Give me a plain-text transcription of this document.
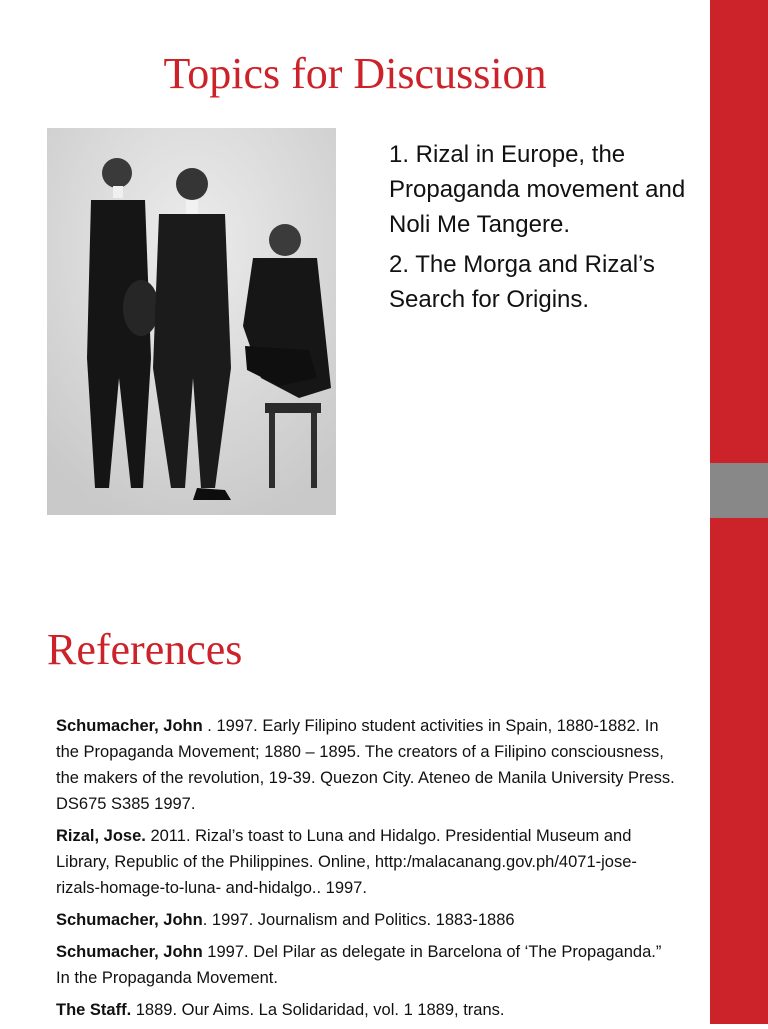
Topics for Discussion
1. Rizal in Europe, the Propaganda movement and Noli Me Tangere.
2. The Morga and Rizal’s Search for Origins.
References
Schumacher, John . 1997. Early Filipino student activities in Spain, 1880-1882. In the Propaganda Movement; 1880 – 1895. The creators of a Filipino consciousness, the makers of the revolution, 19-39. Quezon City. Ateneo de Manila University Press. DS675 S385 1997.
Rizal, Jose. 2011. Rizal’s toast to Luna and Hidalgo. Presidential Museum and Library, Republic of the Philippines. Online, http:/malacanang.gov.ph/4071-jose-rizals-homage-to-luna- and-hidalgo.. 1997.
Schumacher, John. 1997. Journalism and Politics. 1883-1886
Schumacher, John 1997. Del Pilar as delegate in Barcelona of ‘The Propaganda.” In the Propaganda Movement.
The Staff. 1889. Our Aims. La Solidaridad, vol. 1 1889, trans.
